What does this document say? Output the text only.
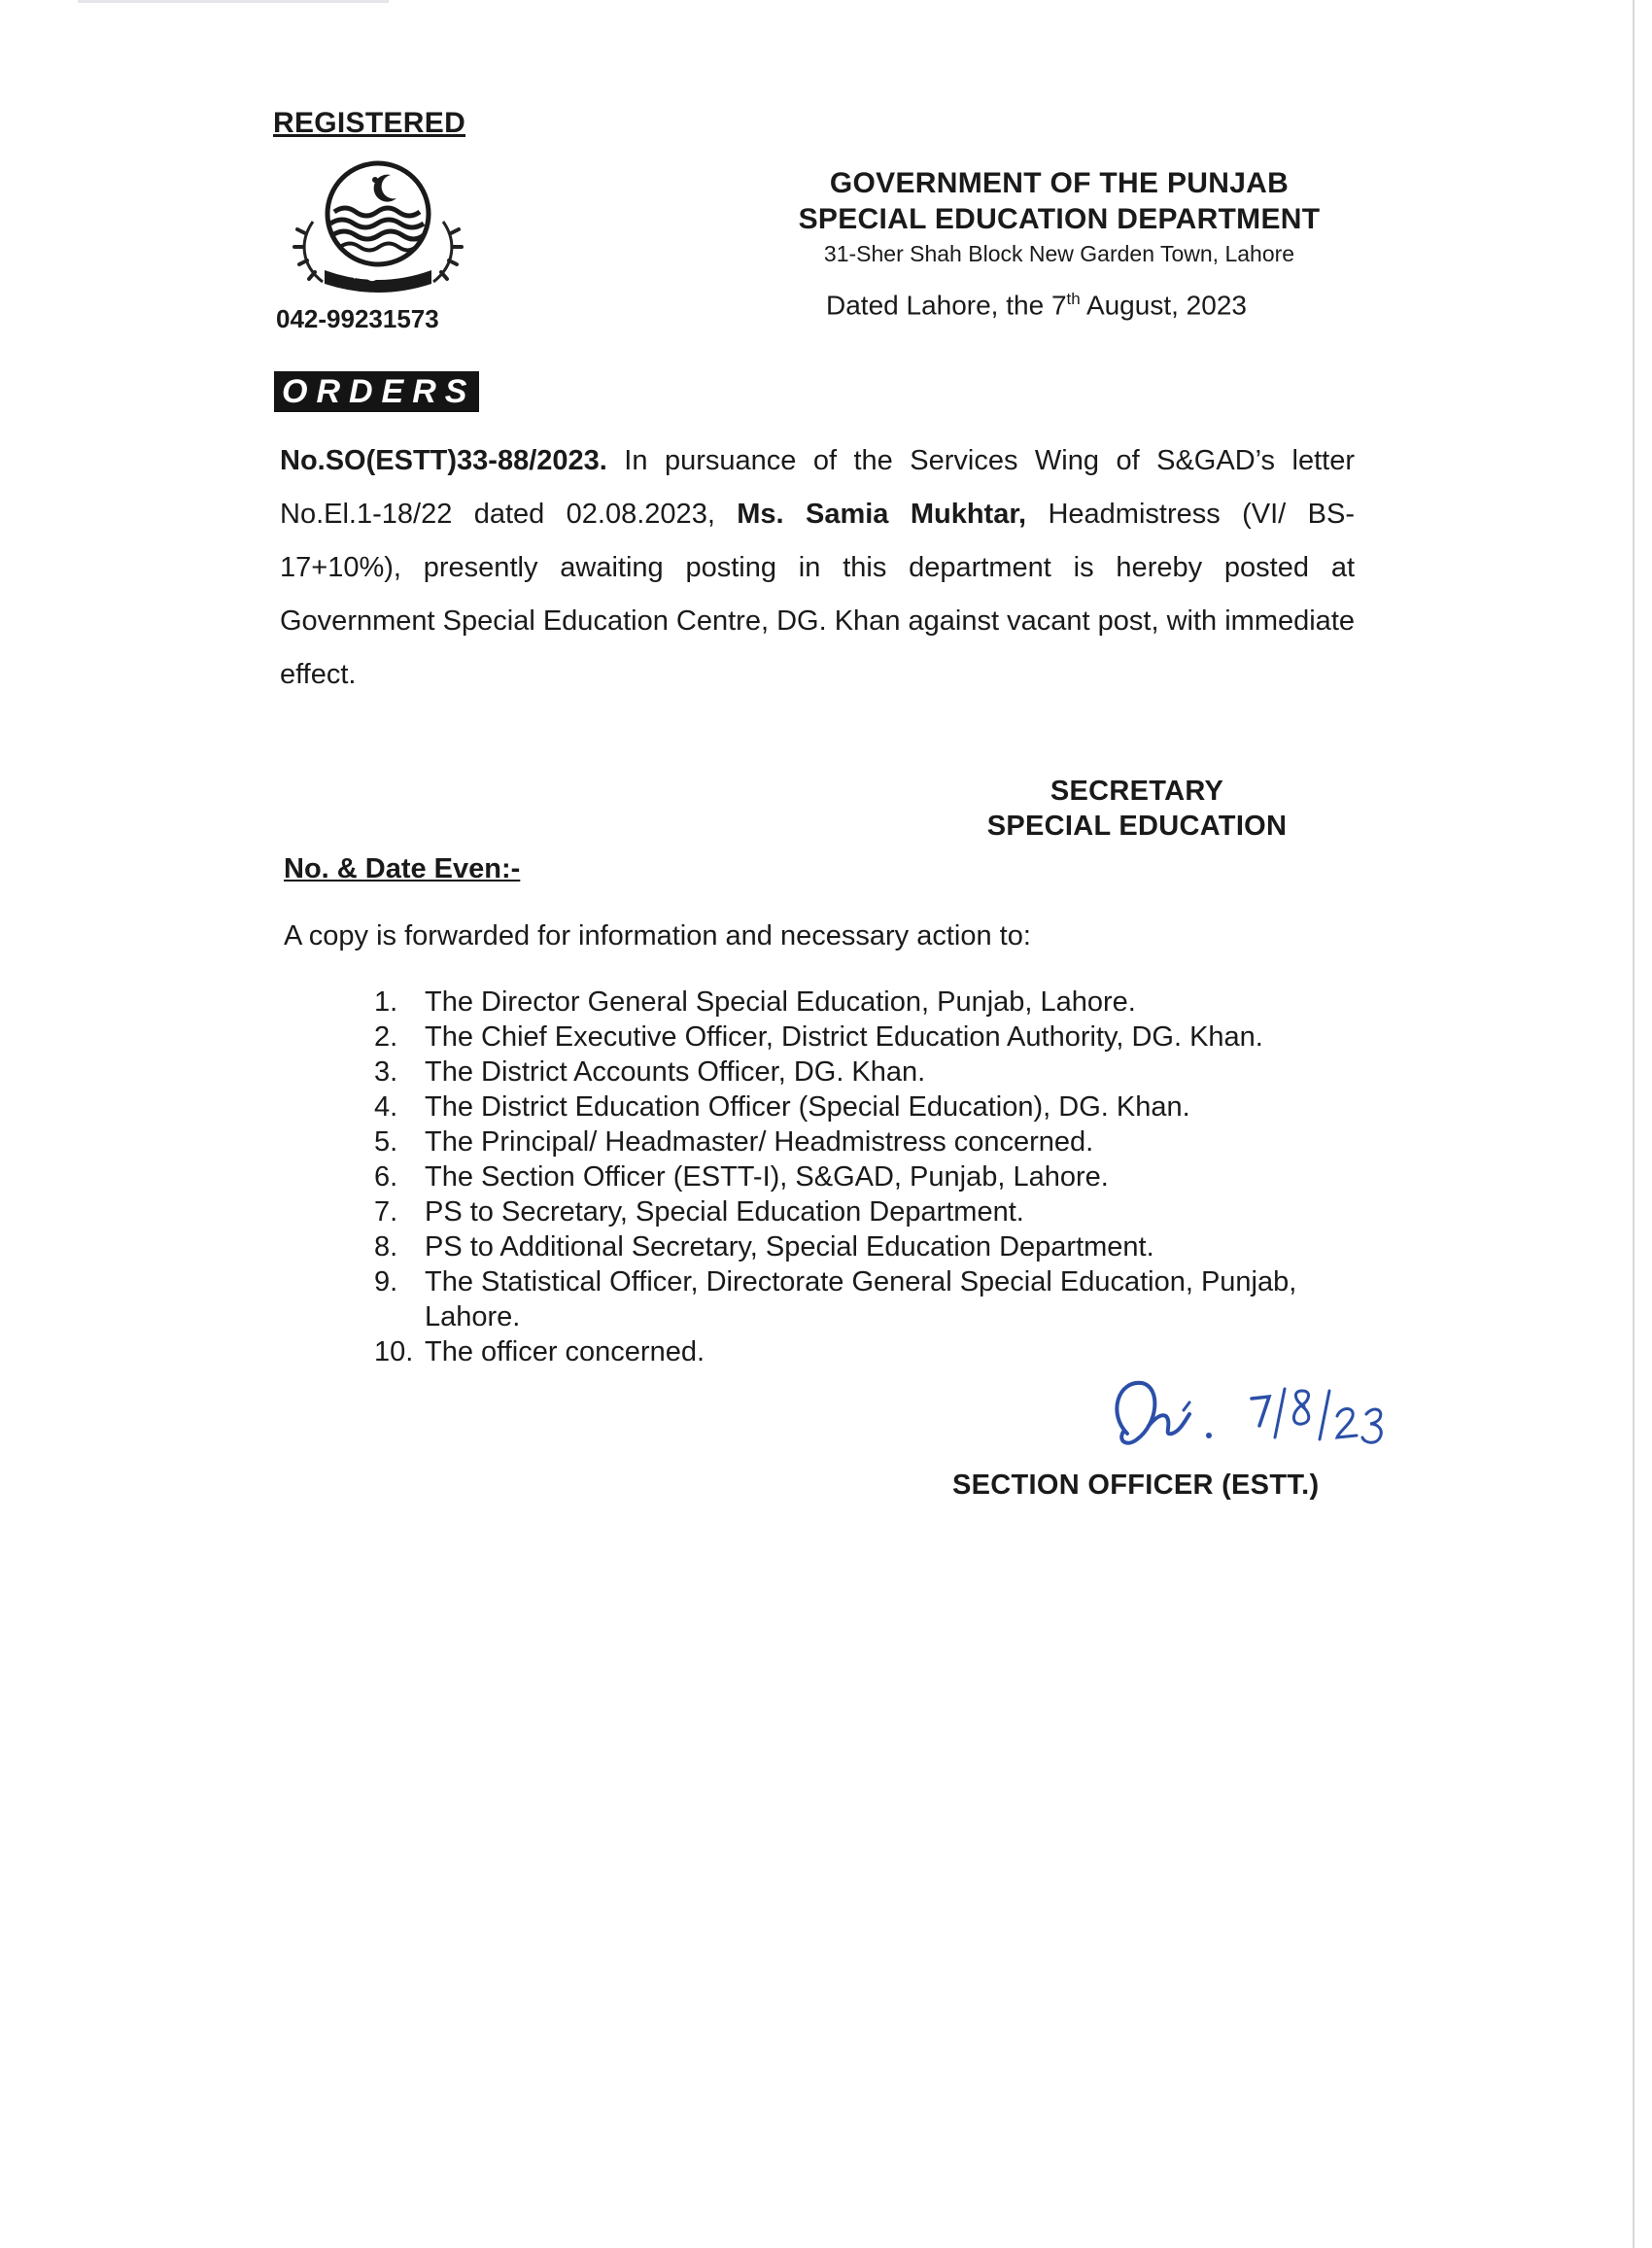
REGISTERED
042-99231573
GOVERNMENT OF THE PUNJAB
SPECIAL EDUCATION DEPARTMENT
31-Sher Shah Block New Garden Town, Lahore
Dated Lahore, the 7th August, 2023
ORDERS
No.SO(ESTT)33-88/2023. In pursuance of the Services Wing of S&GAD’s letter No.El.1-18/22 dated 02.08.2023, Ms. Samia Mukhtar, Headmistress (VI/ BS-17+10%), presently awaiting posting in this department is hereby posted at Government Special Education Centre, DG. Khan against vacant post, with immediate effect.
SECRETARY
SPECIAL EDUCATION
No. & Date Even:-
A copy is forwarded for information and necessary action to:
1. The Director General Special Education, Punjab, Lahore.
2. The Chief Executive Officer, District Education Authority, DG. Khan.
3. The District Accounts Officer, DG. Khan.
4. The District Education Officer (Special Education), DG. Khan.
5. The Principal/ Headmaster/ Headmistress concerned.
6. The Section Officer (ESTT-I), S&GAD, Punjab, Lahore.
7. PS to Secretary, Special Education Department.
8. PS to Additional Secretary, Special Education Department.
9. The Statistical Officer, Directorate General Special Education, Punjab, Lahore.
10. The officer concerned.
SECTION OFFICER (ESTT.)
